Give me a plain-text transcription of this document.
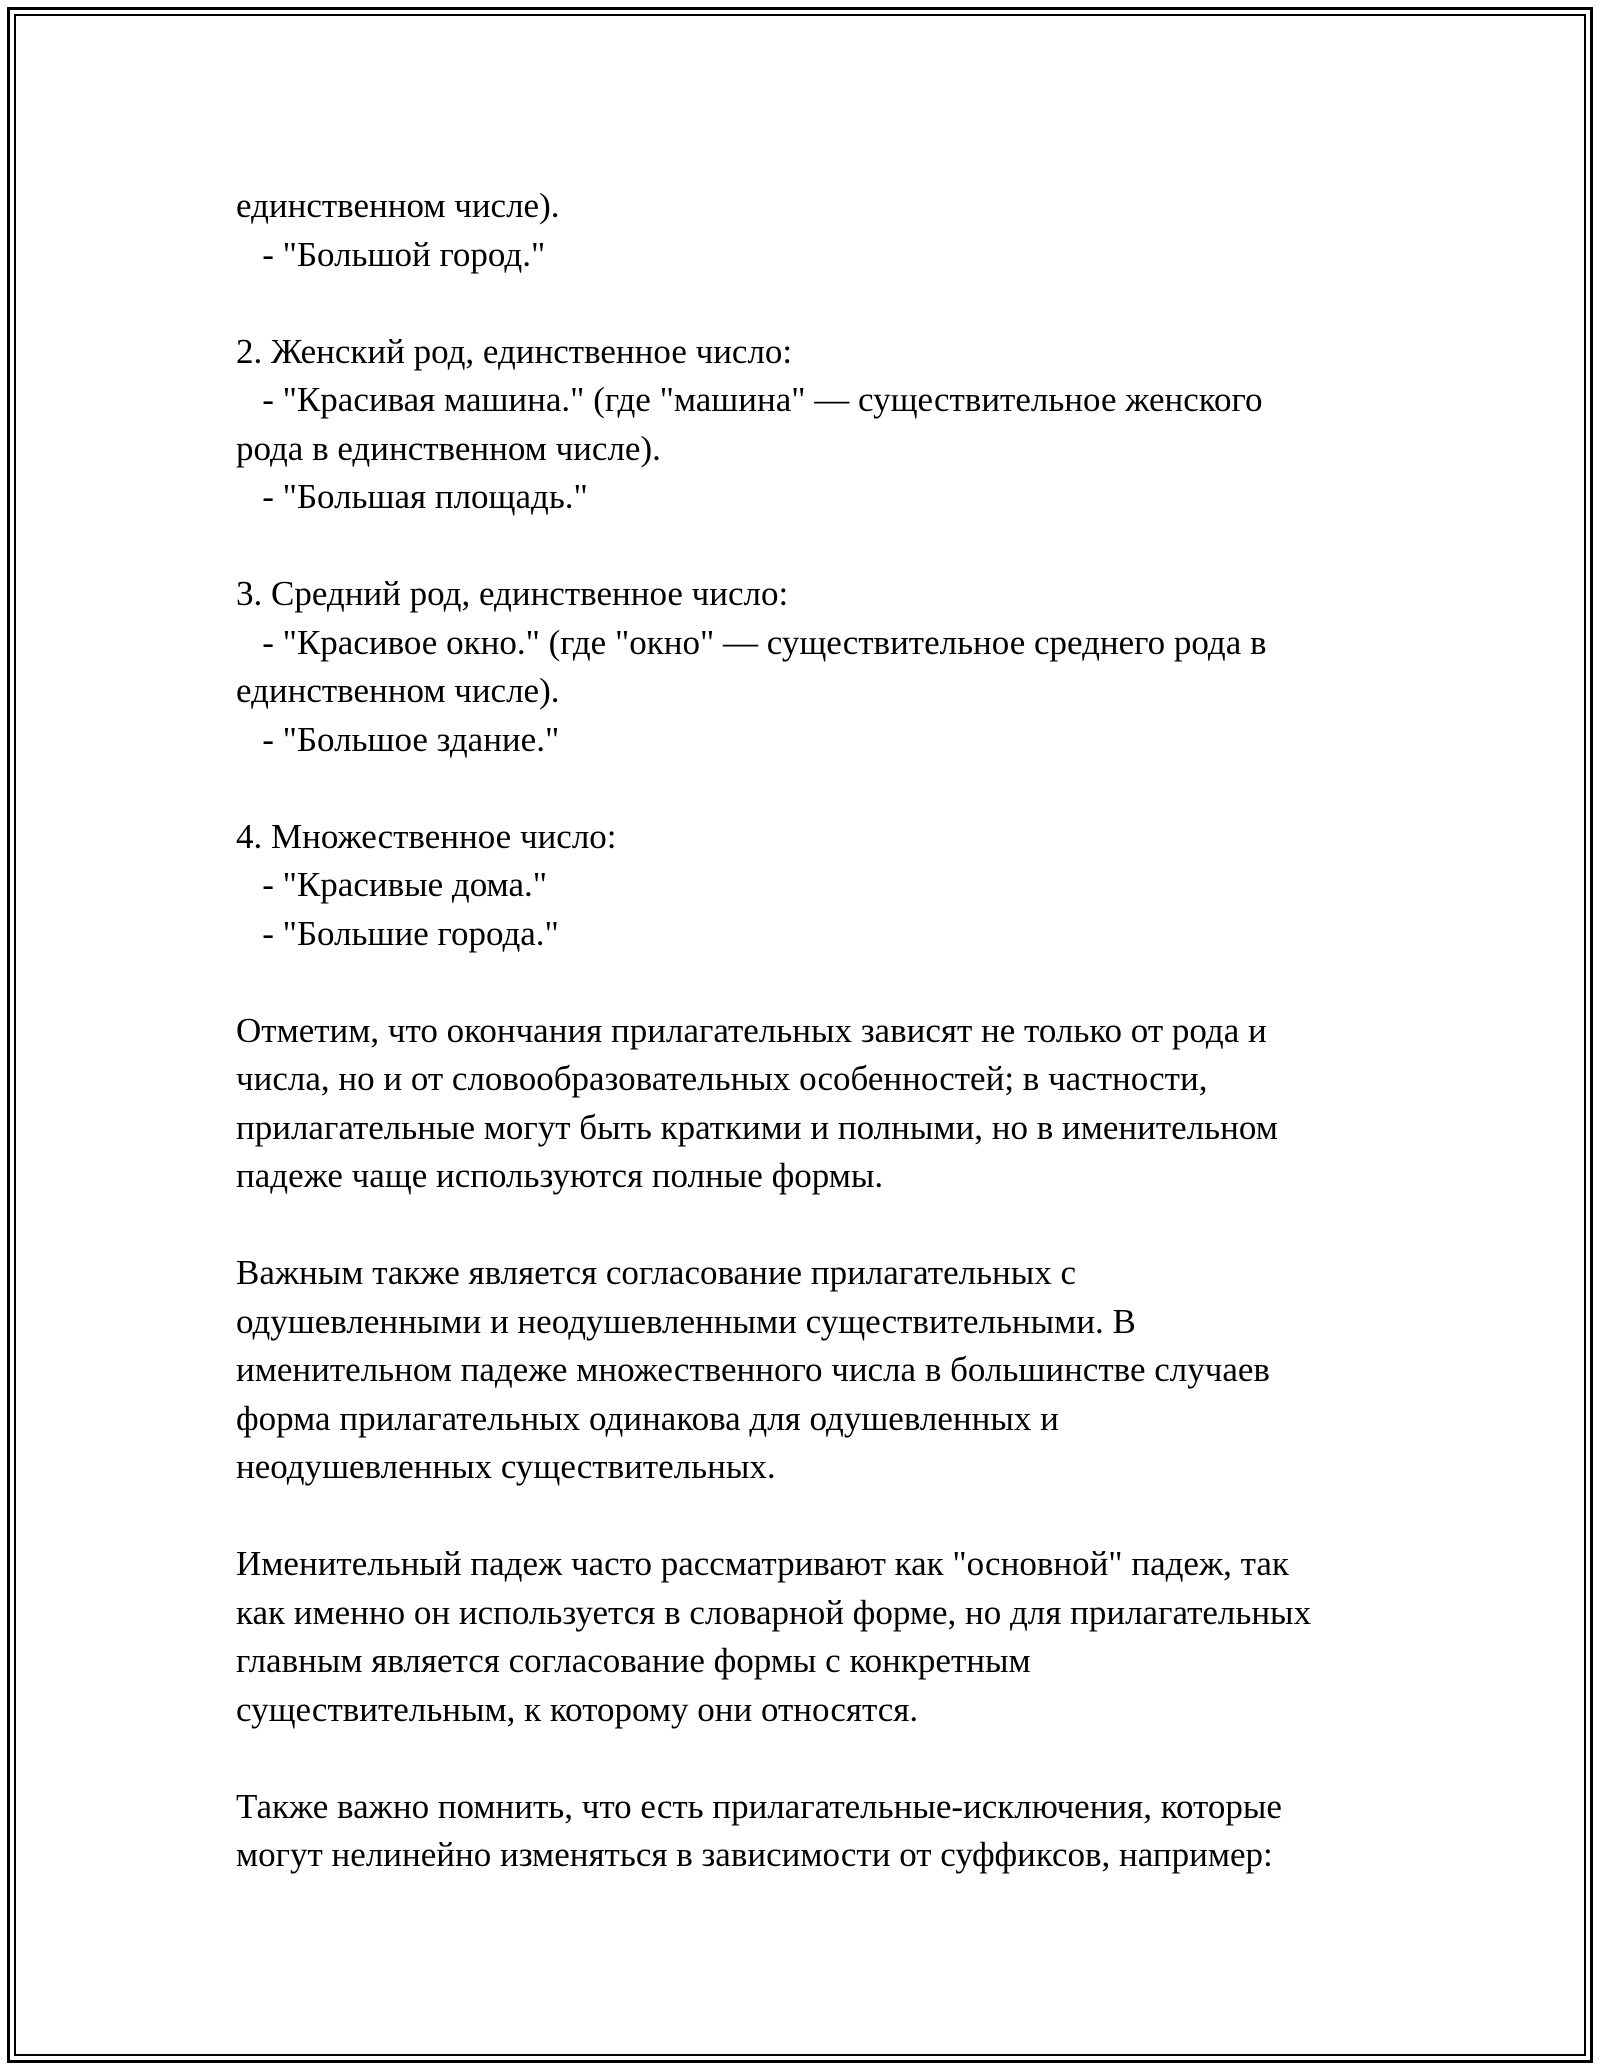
единственном числе).
- "Большой город."
2. Женский род, единственное число:
- "Красивая машина." (где "машина" — существительное женского
рода в единственном числе).
- "Большая площадь."
3. Средний род, единственное число:
- "Красивое окно." (где "окно" — существительное среднего рода в
единственном числе).
- "Большое здание."
4. Множественное число:
- "Красивые дома."
- "Большие города."
Отметим, что окончания прилагательных зависят не только от рода и
числа, но и от словообразовательных особенностей; в частности,
прилагательные могут быть краткими и полными, но в именительном
падеже чаще используются полные формы.
Важным также является согласование прилагательных с
одушевленными и неодушевленными существительными. В
именительном падеже множественного числа в большинстве случаев
форма прилагательных одинакова для одушевленных и
неодушевленных существительных.
Именительный падеж часто рассматривают как "основной" падеж, так
как именно он используется в словарной форме, но для прилагательных
главным является согласование формы с конкретным
существительным, к которому они относятся.
Также важно помнить, что есть прилагательные-исключения, которые
могут нелинейно изменяться в зависимости от суффиксов, например:
